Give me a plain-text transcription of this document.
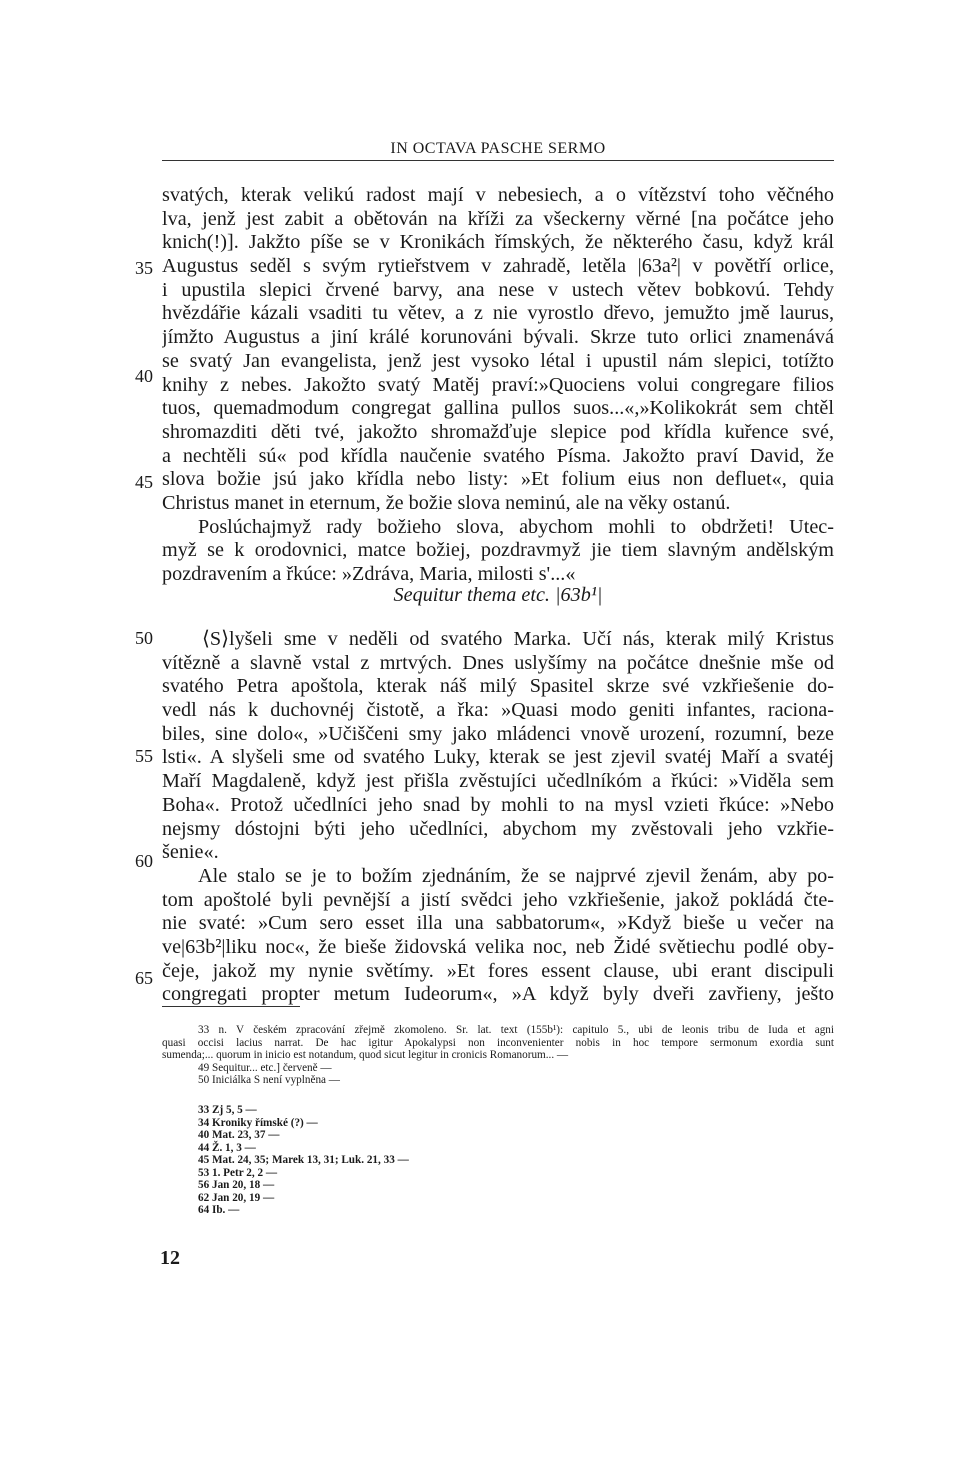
IN OCTAVA PASCHE SERMO
svatých, kterak velikú radost mají v nebesiech, a o vítězství toho věčného
lva, jenž jest zabit a obětován na kříži za všeckerny věrné [na počátce jeho
knich(!)]. Jakžto píše se v Kronikách římských, že některého času, když král
Augustus seděl s svým rytieřstvem v zahradě, letěla |63a²| v povětří orlice,
i upustila slepici črvené barvy, ana nese v ustech větev bobkovú. Tehdy
hvězdářie kázali vsaditi tu větev, a z nie vyrostlo dřevo, jemužto jmě laurus,
jímžto Augustus a jiní králé korunováni bývali. Skrze tuto orlici znamenává
se svatý Jan evangelista, jenž jest vysoko létal i upustil nám slepici, totížto
knihy z nebes. Jakožto svatý Matěj praví:»Quociens volui congregare filios
tuos, quemadmodum congregat gallina pullos suos...«,»Kolikokrát sem chtěl
shromazditi děti tvé, jakožto shromažďuje slepice pod křídla kuřence své,
a nechtěli sú« pod křídla naučenie svatého Písma. Jakožto praví David, že
slova božie jsú jako křídla nebo listy: »Et folium eius non defluet«, quia
Christus manet in eternum, že božie slova neminú, ale na věky ostanú.
Poslúchajmyž rady božieho slova, abychom mohli to obdržeti! Utec-
myž se k orodovnici, matce božiej, pozdravmyž jie tiem slavným andělským
pozdravením a řkúce: »Zdráva, Maria, milosti s'...«
Sequitur thema etc. |63b¹|
⟨S⟩lyšeli sme v neděli od svatého Marka. Učí nás, kterak milý Kristus
vítězně a slavně vstal z mrtvých. Dnes uslyšímy na počátce dnešnie mše od
svatého Petra apoštola, kterak náš milý Spasitel skrze své vzkřiešenie do-
vedl nás k duchovnéj čistotě, a řka: »Quasi modo geniti infantes, raciona-
biles, sine dolo«, »Učiščeni smy jako mládenci vnově urození, rozumní, beze
lsti«. A slyšeli sme od svatého Luky, kterak se jest zjevil svatéj Maří a svatéj
Maří Magdaleně, když jest přišla zvěstujíci učedlníkóm a řkúci: »Viděla sem
Boha«. Protož učedlníci jeho snad by mohli to na mysl vzieti řkúce: »Nebo
nejsmy dóstojni býti jeho učedlníci, abychom my zvěstovali jeho vzkřie-
šenie«.
Ale stalo se je to božím zjednáním, že se najprvé zjevil ženám, aby po-
tom apoštolé byli pevnější a jistí svědci jeho vzkřiešenie, jakož pokládá čte-
nie svaté: »Cum sero esset illa una sabbatorum«, »Když bieše u večer na
ve|63b²|liku noc«, že bieše židovská velika noc, neb Židé světiechu podlé oby-
čeje, jakož my nynie světímy. »Et fores essent clause, ubi erant discipuli
congregati propter metum Iudeorum«, »A když byly dveři zavřieny, ješto
35
40
45
50
55
60
65
33 n. V českém zpracování zřejmě zkomoleno. Sr. lat. text (155b¹): capitulo 5., ubi de leonis tribu de Iuda et agni
quasi occisi lacius narrat. De hac igitur Apokalypsi non inconvenienter nobis in hoc tempore sermonum exordia sunt
sumenda;... quorum in inicio est notandum, quod sicut legitur in cronicis Romanorum... —
49 Sequitur... etc.] červeně —
50 Iniciálka S není vyplněna —
33 Zj 5, 5 —
34 Kroniky římské (?) —
40 Mat. 23, 37 —
44 Ž. 1, 3 —
45 Mat. 24, 35; Marek 13, 31; Luk. 21, 33 —
53 1. Petr 2, 2 —
56 Jan 20, 18 —
62 Jan 20, 19 —
64 Ib. —
12
